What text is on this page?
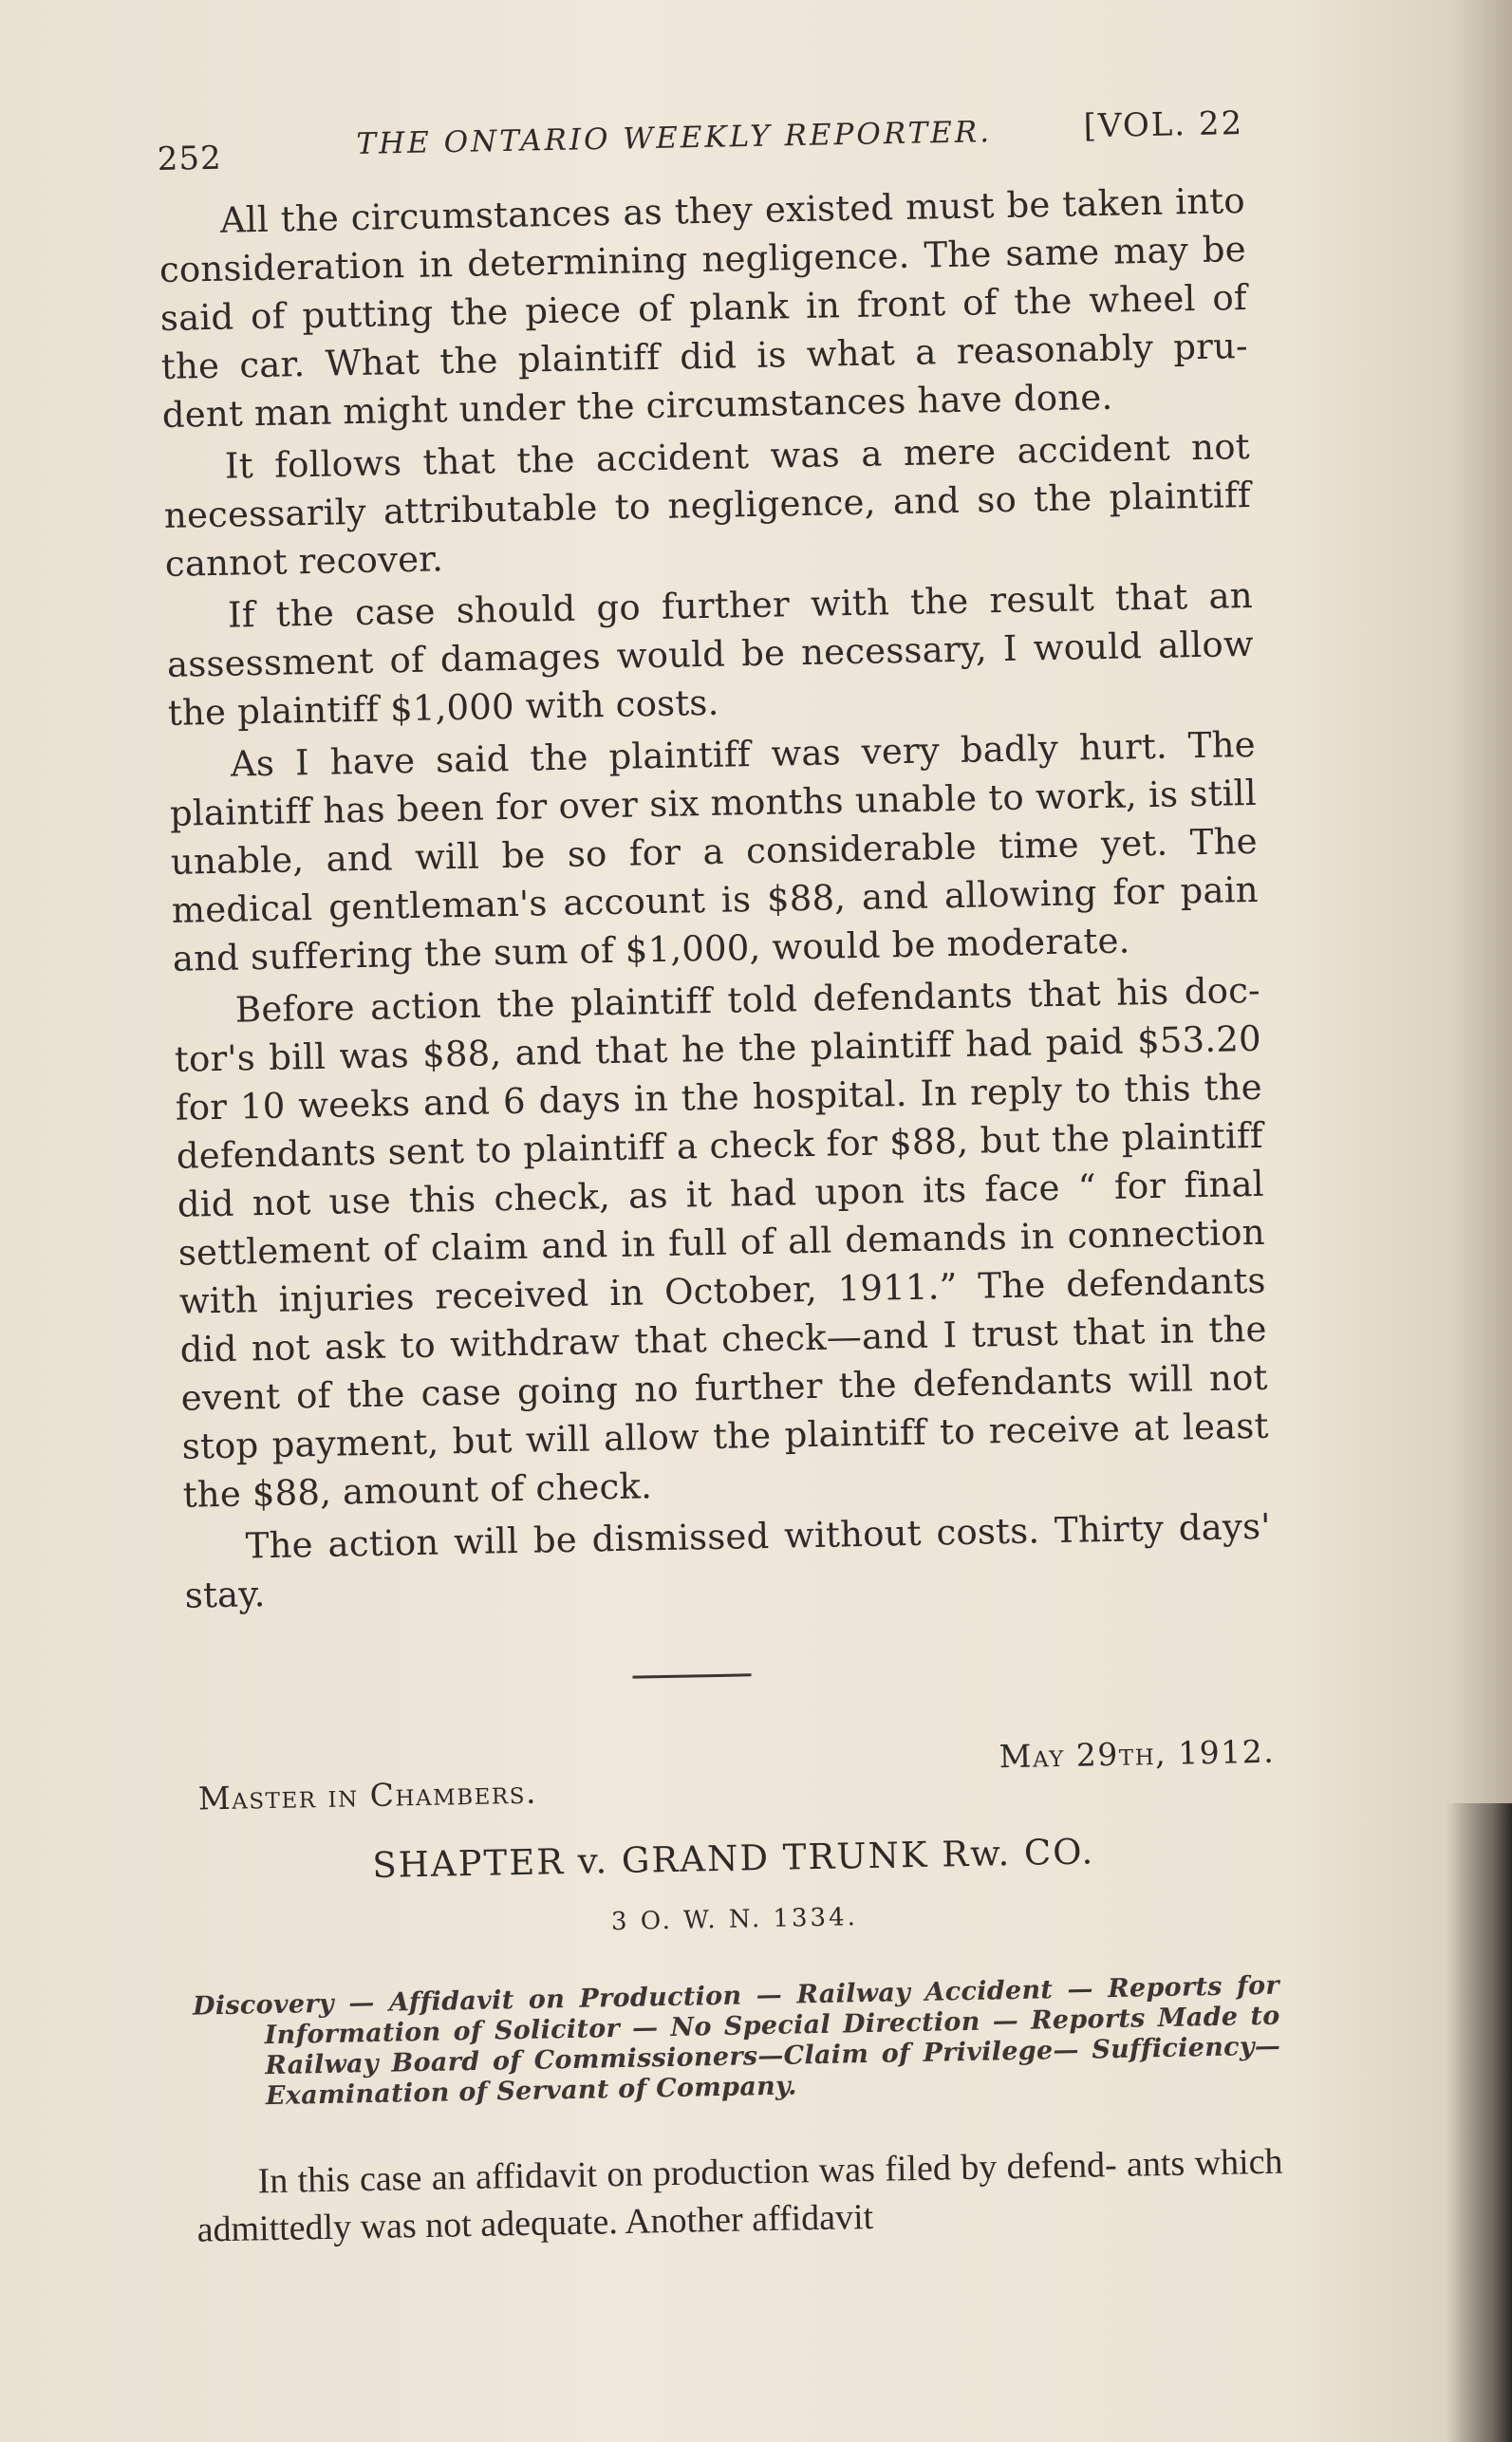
252	THE ONTARIO WEEKLY REPORTER.	[VOL. 22

All the circumstances as they existed must be taken into consideration in determining negligence. The same may be said of putting the piece of plank in front of the wheel of the car. What the plaintiff did is what a reasonably pru- dent man might under the circumstances have done.

It follows that the accident was a mere accident not necessarily attributable to negligence, and so the plaintiff cannot recover.

If the case should go further with the result that an assessment of damages would be necessary, I would allow the plaintiff $1,000 with costs.

As I have said the plaintiff was very badly hurt. The plaintiff has been for over six months unable to work, is still unable, and will be so for a considerable time yet. The medical gentleman's account is $88, and allowing for pain and suffering the sum of $1,000, would be moderate.

Before action the plaintiff told defendants that his doc- tor's bill was $88, and that he the plaintiff had paid $53.20 for 10 weeks and 6 days in the hospital. In reply to this the defendants sent to plaintiff a check for $88, but the plaintiff did not use this check, as it had upon its face “ for final settlement of claim and in full of all demands in connection with injuries received in October, 1911.” The defendants did not ask to withdraw that check—and I trust that in the event of the case going no further the defendants will not stop payment, but will allow the plaintiff to receive at least the $88, amount of check.

The action will be dismissed without costs. Thirty days' stay.

Master in Chambers.
May 29th, 1912.
SHAPTER v. GRAND TRUNK Rw. CO.
3 O. W. N. 1334.
Discovery — Affidavit on Production — Railway Accident — Reports for Information of Solicitor — No Special Direction — Reports Made to Railway Board of Commissioners—Claim of Privilege— Sufficiency—Examination of Servant of Company.
In this case an affidavit on production was filed by defend- ants which admittedly was not adequate. Another affidavit
